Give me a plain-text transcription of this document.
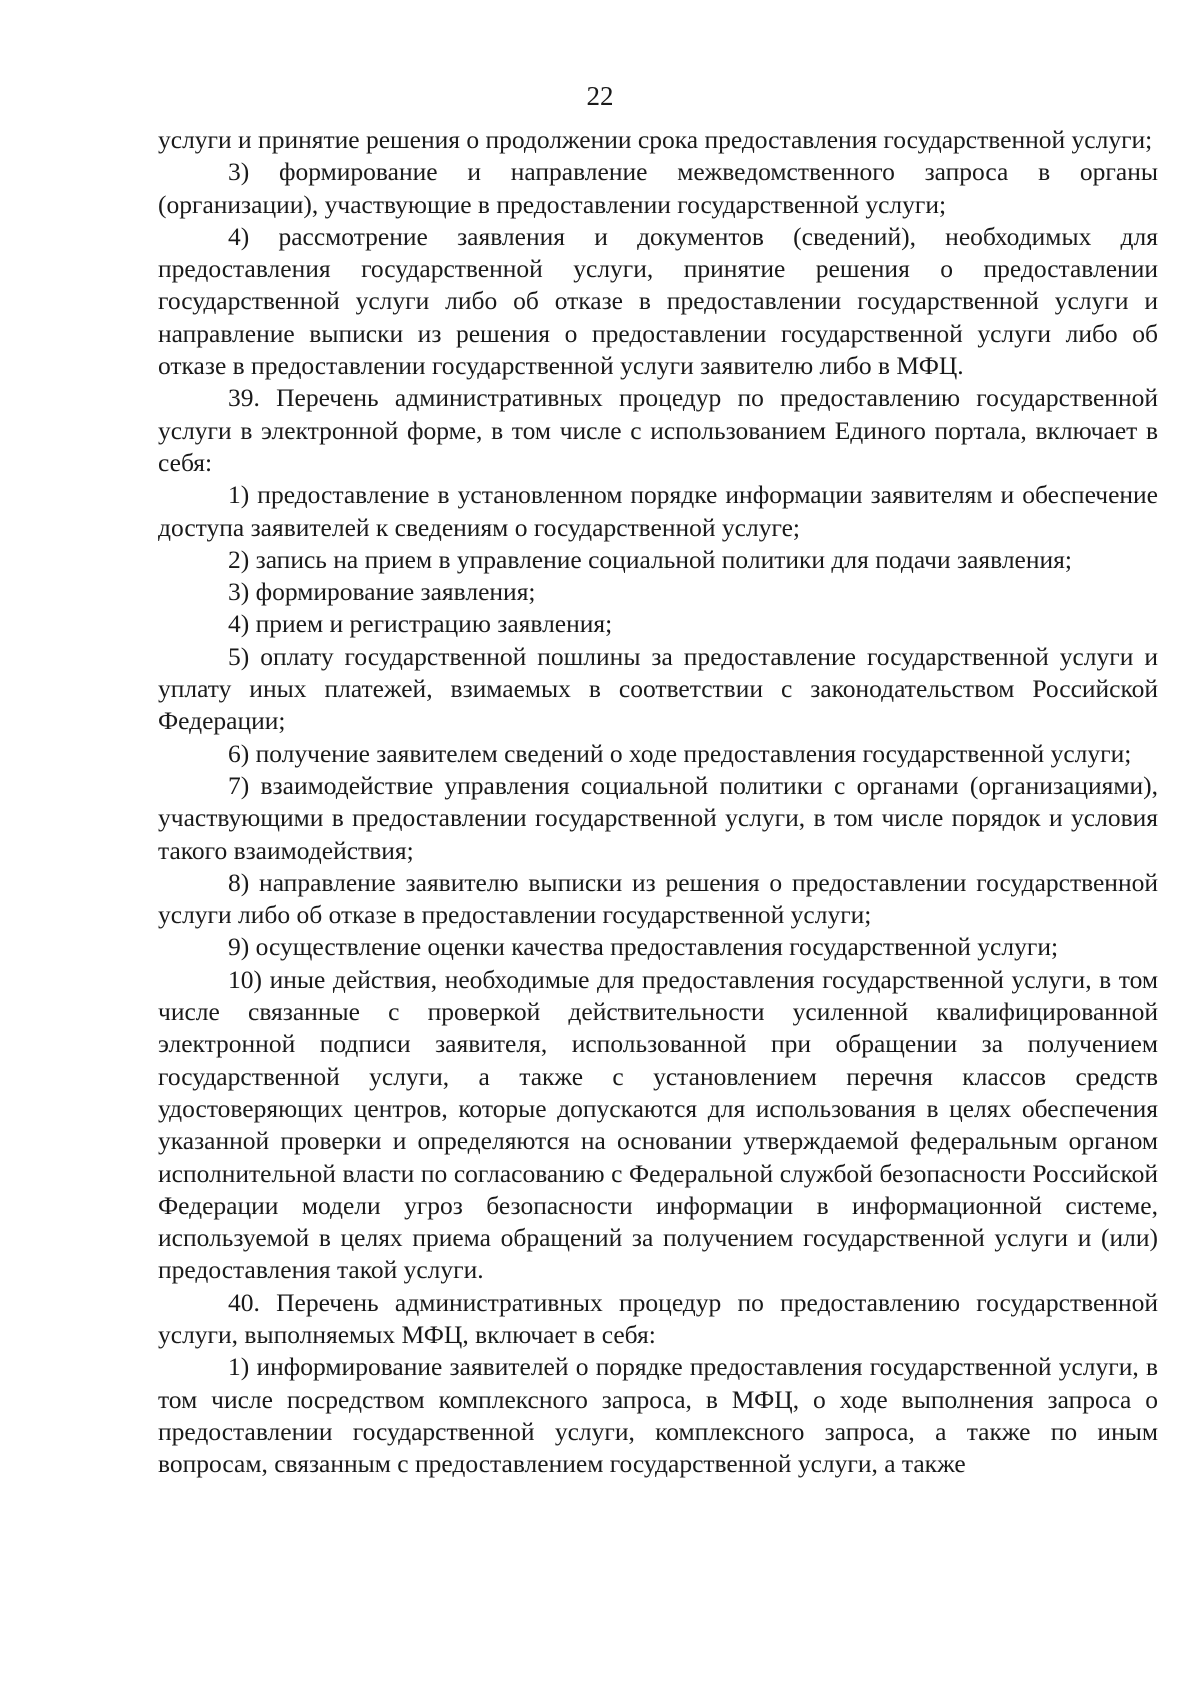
22

услуги и принятие решения о продолжении срока предоставления государственной услуги;

3) формирование и направление межведомственного запроса в органы (организации), участвующие в предоставлении государственной услуги;

4) рассмотрение заявления и документов (сведений), необходимых для предоставления государственной услуги, принятие решения о предоставлении государственной услуги либо об отказе в предоставлении государственной услуги и направление выписки из решения о предоставлении государственной услуги либо об отказе в предоставлении государственной услуги заявителю либо в МФЦ.

39. Перечень административных процедур по предоставлению государственной услуги в электронной форме, в том числе с использованием Единого портала, включает в себя:

1) предоставление в установленном порядке информации заявителям и обеспечение доступа заявителей к сведениям о государственной услуге;

2) запись на прием в управление социальной политики для подачи заявления;

3) формирование заявления;

4) прием и регистрацию заявления;

5) оплату государственной пошлины за предоставление государственной услуги и уплату иных платежей, взимаемых в соответствии с законодательством Российской Федерации;

6) получение заявителем сведений о ходе предоставления государственной услуги;

7) взаимодействие управления социальной политики с органами (организациями), участвующими в предоставлении государственной услуги, в том числе порядок и условия такого взаимодействия;

8) направление заявителю выписки из решения о предоставлении государственной услуги либо об отказе в предоставлении государственной услуги;

9) осуществление оценки качества предоставления государственной услуги;

10) иные действия, необходимые для предоставления государственной услуги, в том числе связанные с проверкой действительности усиленной квалифицированной электронной подписи заявителя, использованной при обращении за получением государственной услуги, а также с установлением перечня классов средств удостоверяющих центров, которые допускаются для использования в целях обеспечения указанной проверки и определяются на основании утверждаемой федеральным органом исполнительной власти по согласованию с Федеральной службой безопасности Российской Федерации модели угроз безопасности информации в информационной системе, используемой в целях приема обращений за получением государственной услуги и (или) предоставления такой услуги.

40. Перечень административных процедур по предоставлению государственной услуги, выполняемых МФЦ, включает в себя:

1) информирование заявителей о порядке предоставления государственной услуги, в том числе посредством комплексного запроса, в МФЦ, о ходе выполнения запроса о предоставлении государственной услуги, комплексного запроса, а также по иным вопросам, связанным с предоставлением государственной услуги, а также
